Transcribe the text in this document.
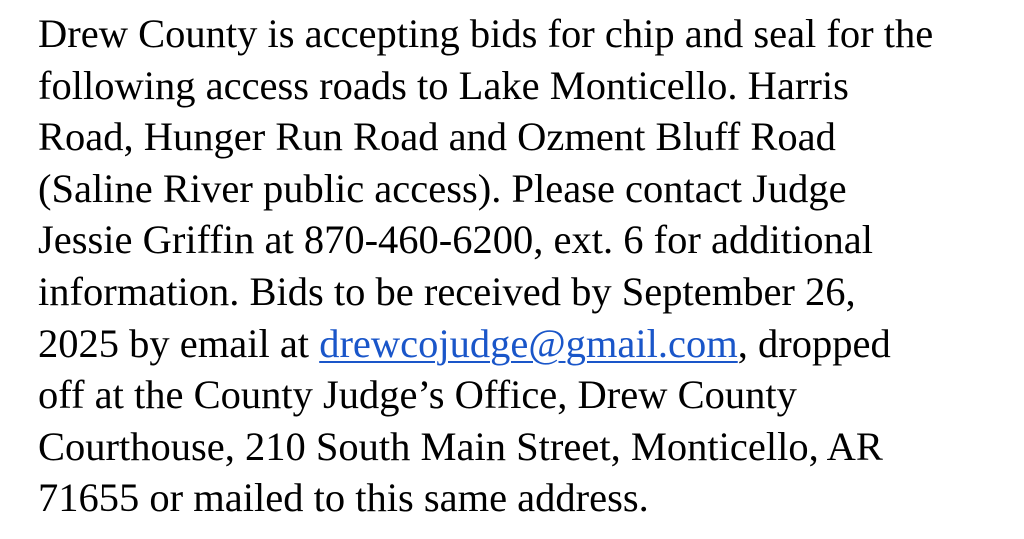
Drew County is accepting bids for chip and seal for the
following access roads to Lake Monticello. Harris
Road, Hunger Run Road and Ozment Bluff Road
(Saline River public access). Please contact Judge
Jessie Griffin at 870-460-6200, ext. 6 for additional
information. Bids to be received by September 26,
2025 by email at drewcojudge@gmail.com, dropped
off at the County Judge’s Office, Drew County
Courthouse, 210 South Main Street, Monticello, AR
71655 or mailed to this same address.
